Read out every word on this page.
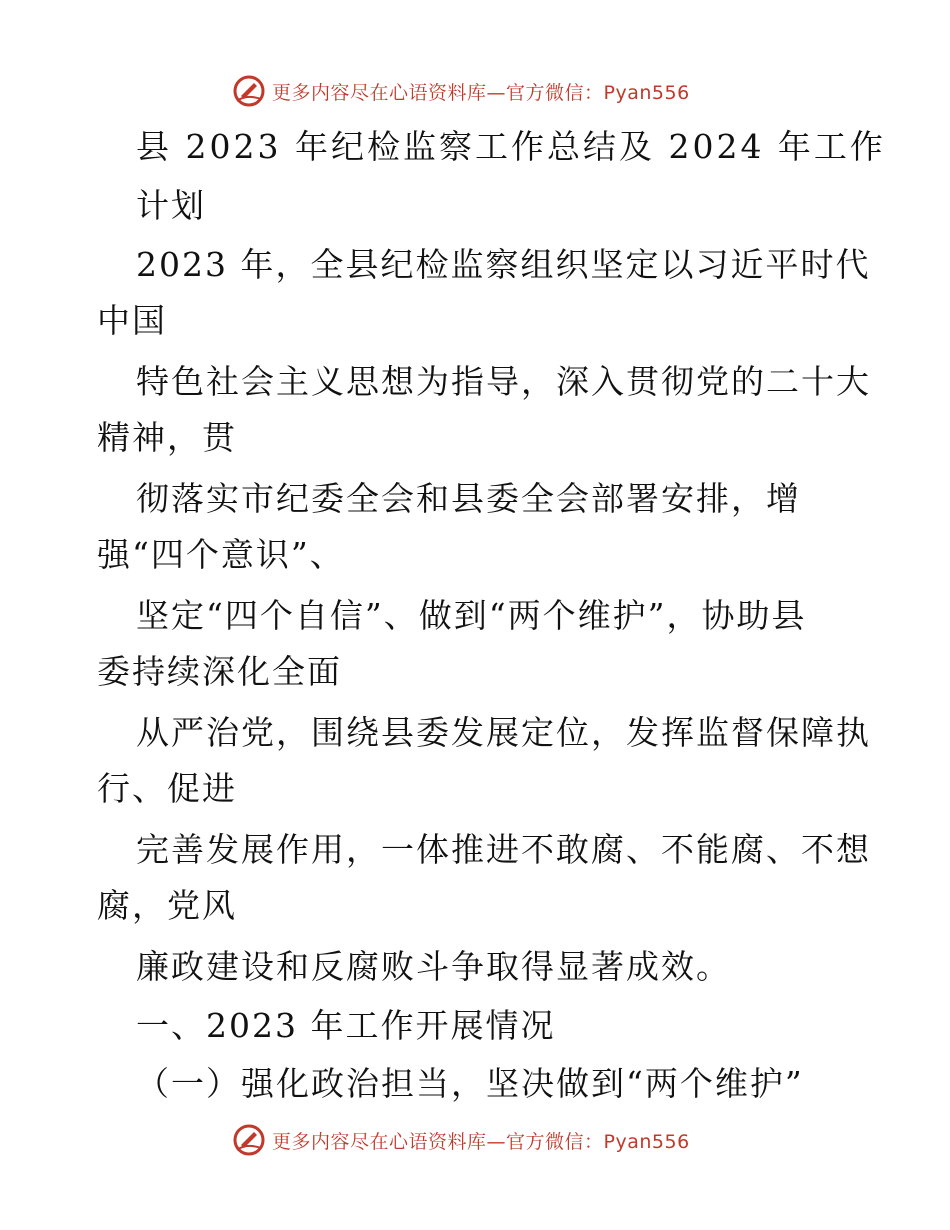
更多内容尽在心语资料库—官方微信：Pyan556
县 2023 年纪检监察工作总结及 2024 年工作
计划
2023 年，全县纪检监察组织坚定以习近平时代
中国
特色社会主义思想为指导，深入贯彻党的二十大
精神，贯
彻落实市纪委全会和县委全会部署安排，增
强“四个意识”、
坚定“四个自信”、做到“两个维护”，协助县
委持续深化全面
从严治党，围绕县委发展定位，发挥监督保障执
行、促进
完善发展作用，一体推进不敢腐、不能腐、不想
腐，党风
廉政建设和反腐败斗争取得显著成效。
一、2023 年工作开展情况
（一）强化政治担当，坚决做到“两个维护”
更多内容尽在心语资料库—官方微信：Pyan556
